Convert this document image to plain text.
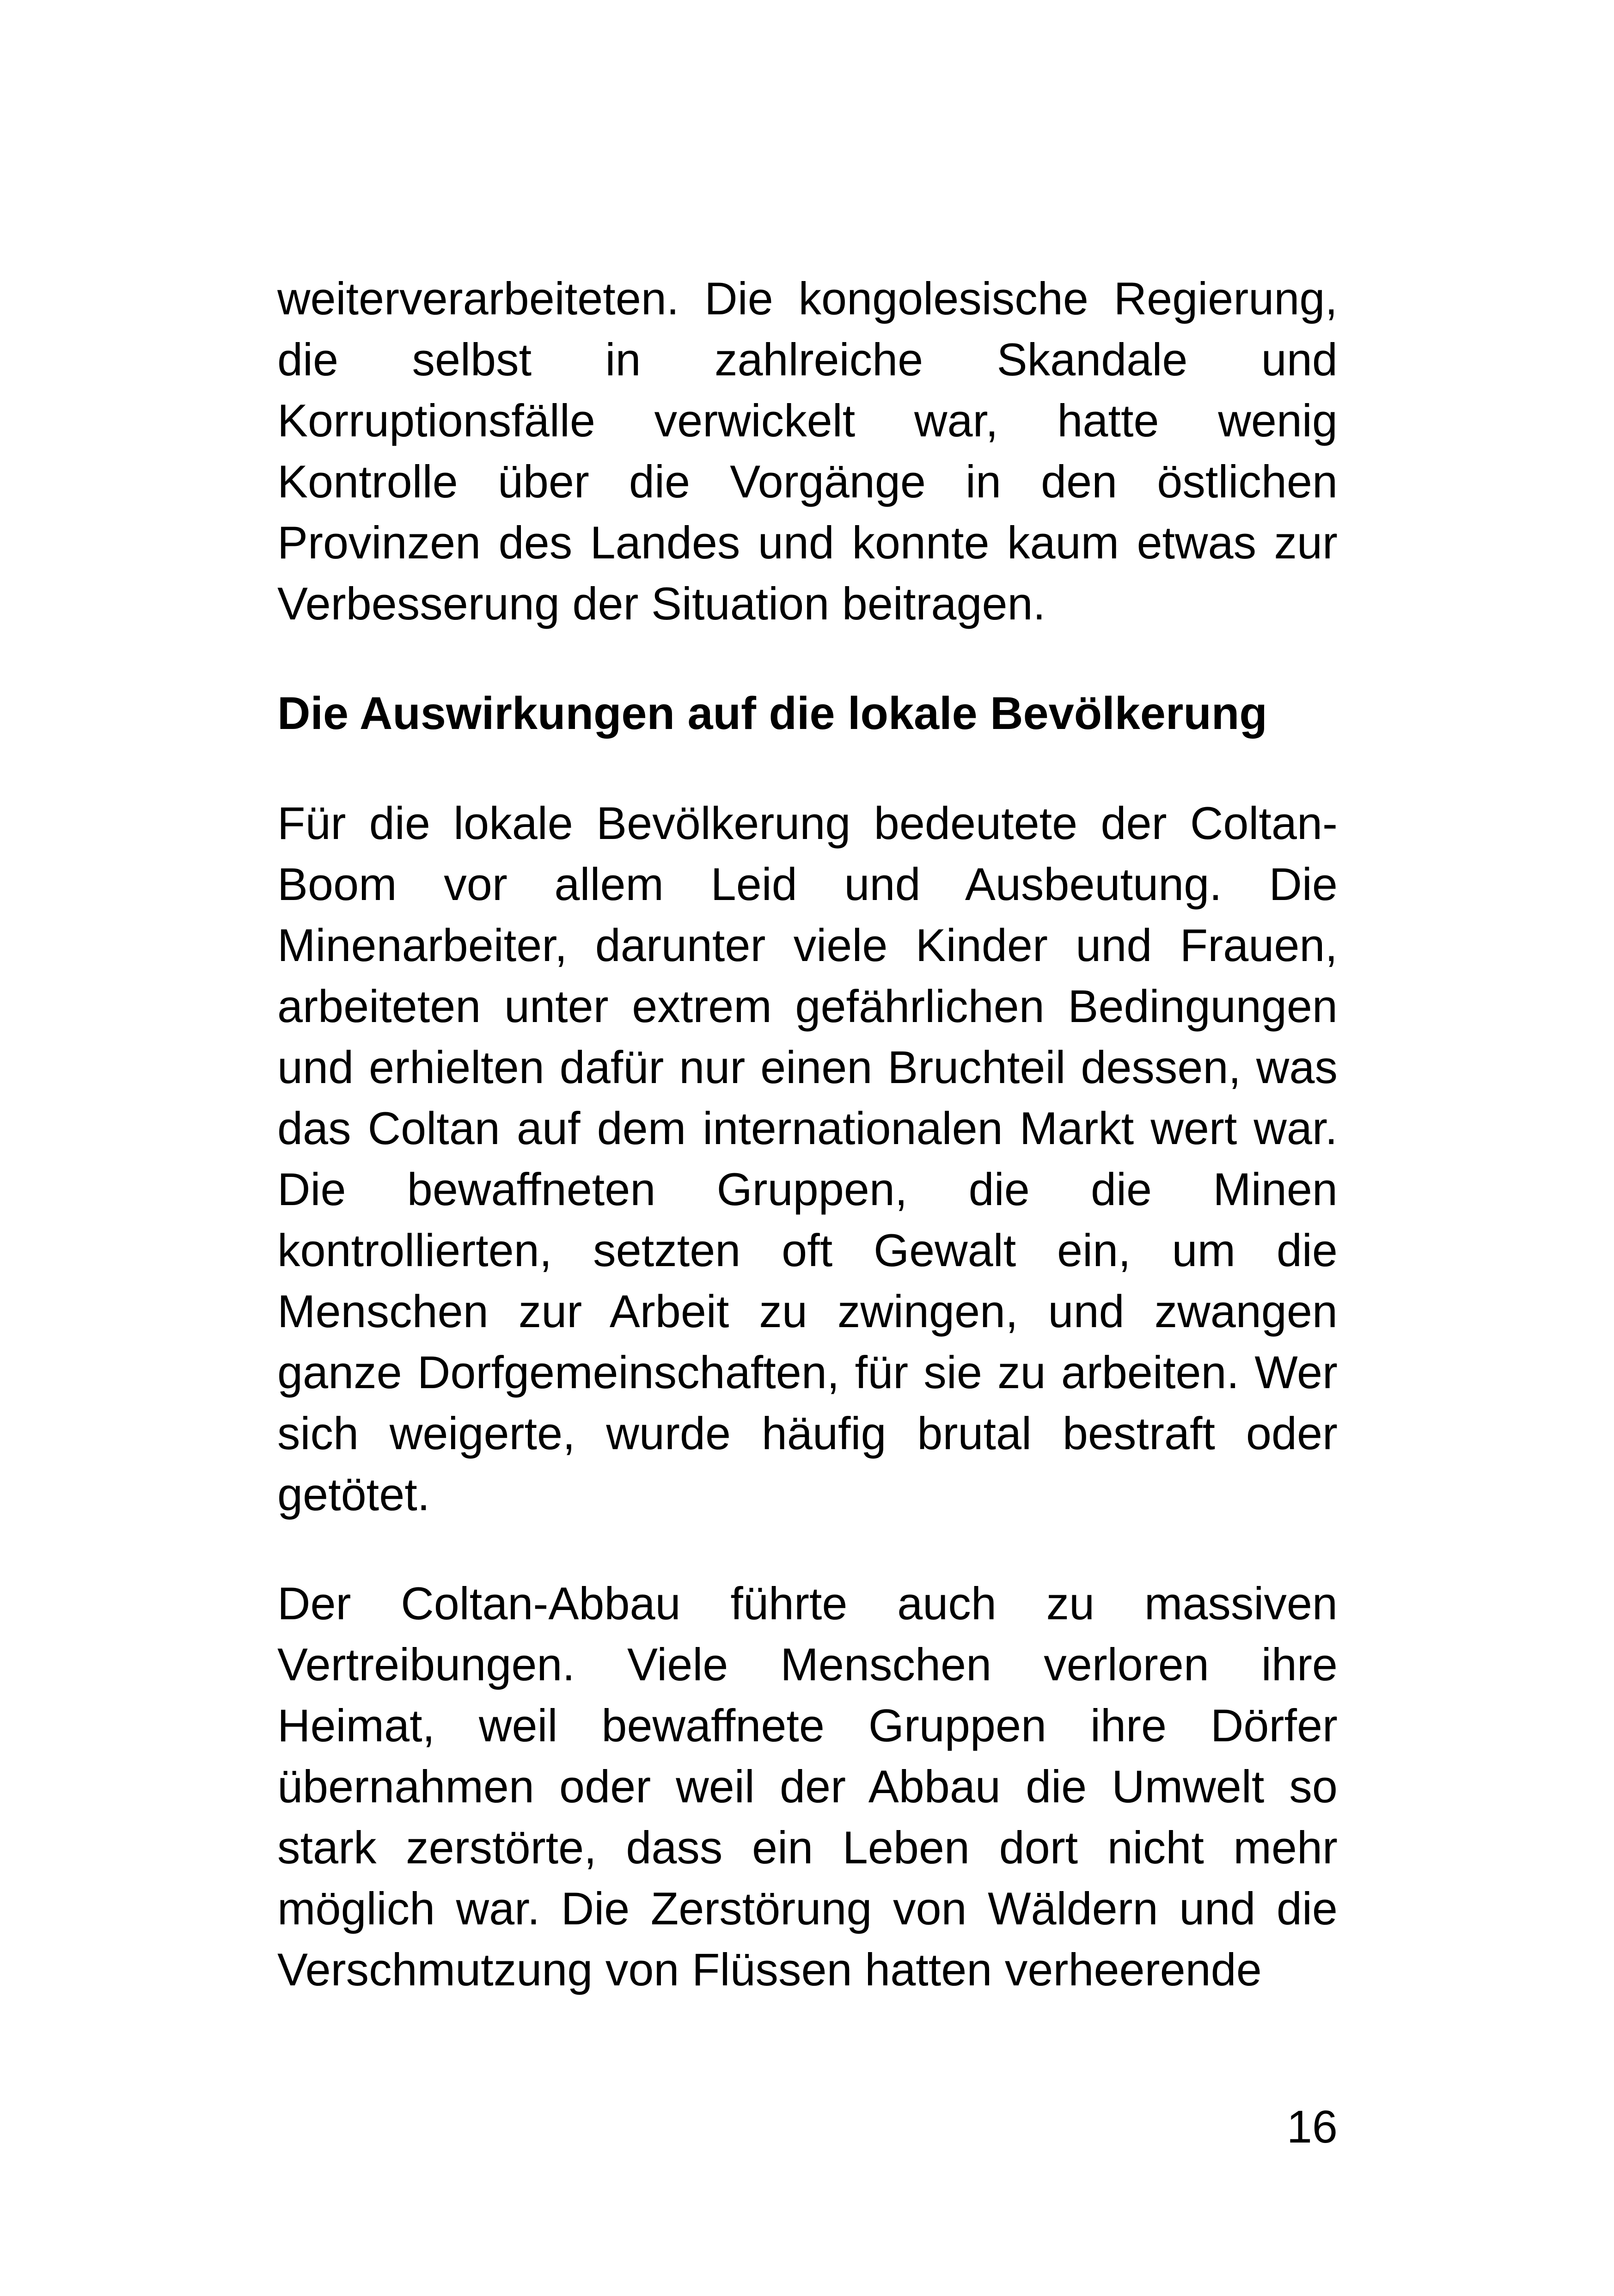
weiterverarbeiteten. Die kongolesische Regierung, die selbst in zahlreiche Skandale und Korruptionsfälle verwickelt war, hatte wenig Kontrolle über die Vorgänge in den östlichen Provinzen des Landes und konnte kaum etwas zur Verbesserung der Situation beitragen.

Die Auswirkungen auf die lokale Bevölkerung

Für die lokale Bevölkerung bedeutete der Coltan-Boom vor allem Leid und Ausbeutung. Die Minenarbeiter, darunter viele Kinder und Frauen, arbeiteten unter extrem gefährlichen Bedingungen und erhielten dafür nur einen Bruchteil dessen, was das Coltan auf dem internationalen Markt wert war. Die bewaffneten Gruppen, die die Minen kontrollierten, setzten oft Gewalt ein, um die Menschen zur Arbeit zu zwingen, und zwangen ganze Dorfgemeinschaften, für sie zu arbeiten. Wer sich weigerte, wurde häufig brutal bestraft oder getötet.

Der Coltan-Abbau führte auch zu massiven Vertreibungen. Viele Menschen verloren ihre Heimat, weil bewaffnete Gruppen ihre Dörfer übernahmen oder weil der Abbau die Umwelt so stark zerstörte, dass ein Leben dort nicht mehr möglich war. Die Zerstörung von Wäldern und die Verschmutzung von Flüssen hatten verheerende

16
